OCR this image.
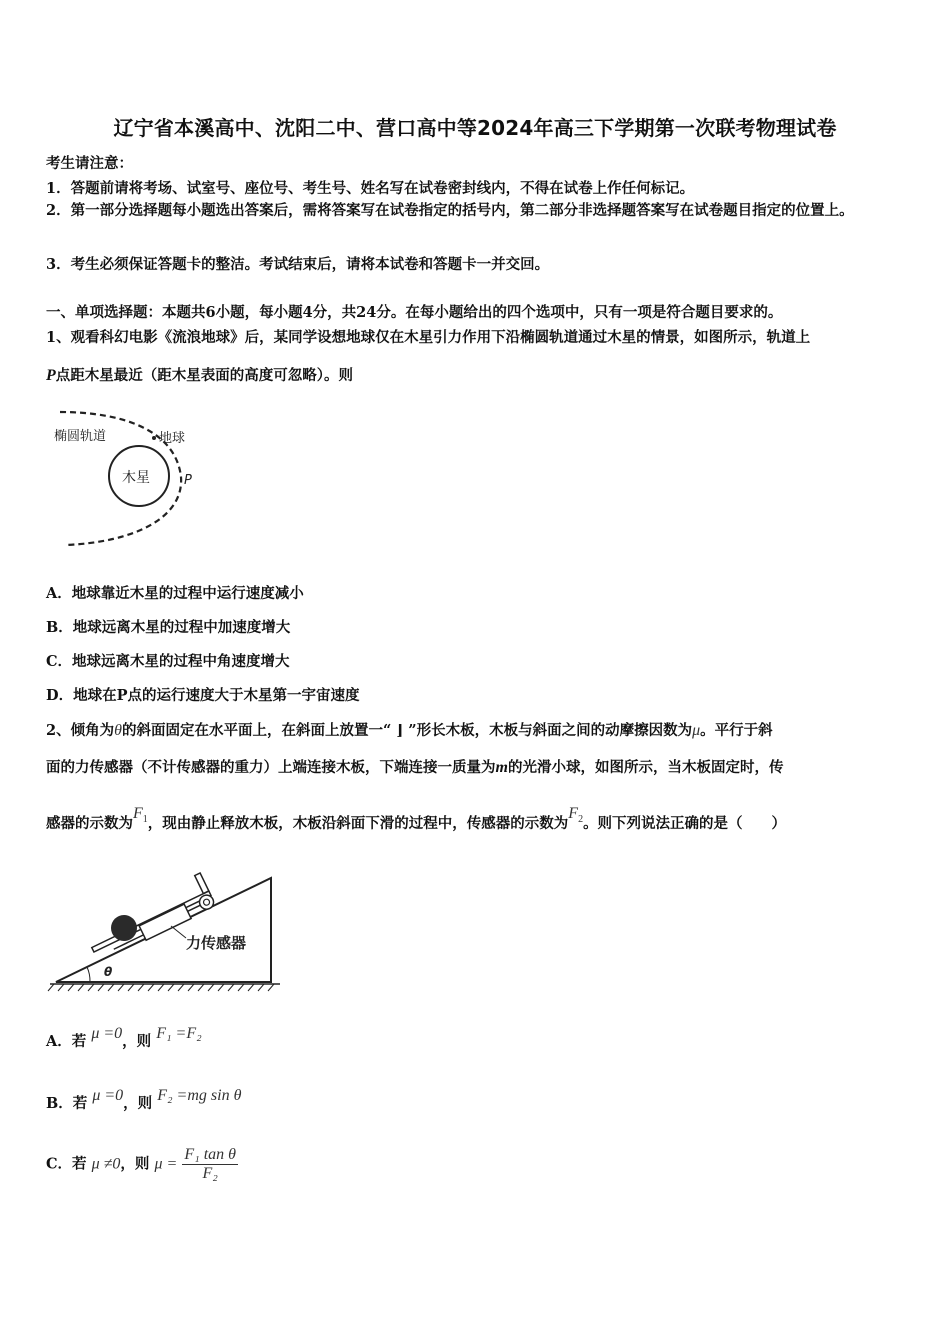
辽宁省本溪高中、沈阳二中、营口高中等2024年高三下学期第一次联考物理试卷
考生请注意：
1．答题前请将考场、试室号、座位号、考生号、姓名写在试卷密封线内，不得在试卷上作任何标记。
2．第一部分选择题每小题选出答案后，需将答案写在试卷指定的括号内，第二部分非选择题答案写在试卷题目指定的位置上。
3．考生必须保证答题卡的整洁。考试结束后，请将本试卷和答题卡一并交回。
一、单项选择题：本题共6小题，每小题4分，共24分。在每小题给出的四个选项中，只有一项是符合题目要求的。
1、观看科幻电影《流浪地球》后，某同学设想地球仅在木星引力作用下沿椭圆轨道通过木星的情景，如图所示，轨道上
P点距木星最近（距木星表面的高度可忽略）。则
木星
椭圆轨道	地球
P
A．地球靠近木星的过程中运行速度减小
B．地球远离木星的过程中加速度增大
C．地球远离木星的过程中角速度增大
D．地球在P点的运行速度大于木星第一宇宙速度
2、倾角为θ的斜面固定在水平面上，在斜面上放置一“ ⌋ ”形长木板，木板与斜面之间的动摩擦因数为μ。平行于斜
面的力传感器（不计传感器的重力）上端连接木板，下端连接一质量为m的光滑小球，如图所示，当木板固定时，传
感器的示数为$F_1$，现由静止释放木板，木板沿斜面下滑的过程中，传感器的示数为$F_2$。则下列说法正确的是（　　）
力传感器
θ
A．若 μ =0，则 F₁ =F₂
B．若 μ =0，则 F₂ =mg sin θ
C．若 μ ≠0，则 $\mu = \frac{\text{F₁ tan θ}}{\text{F₂}}$
